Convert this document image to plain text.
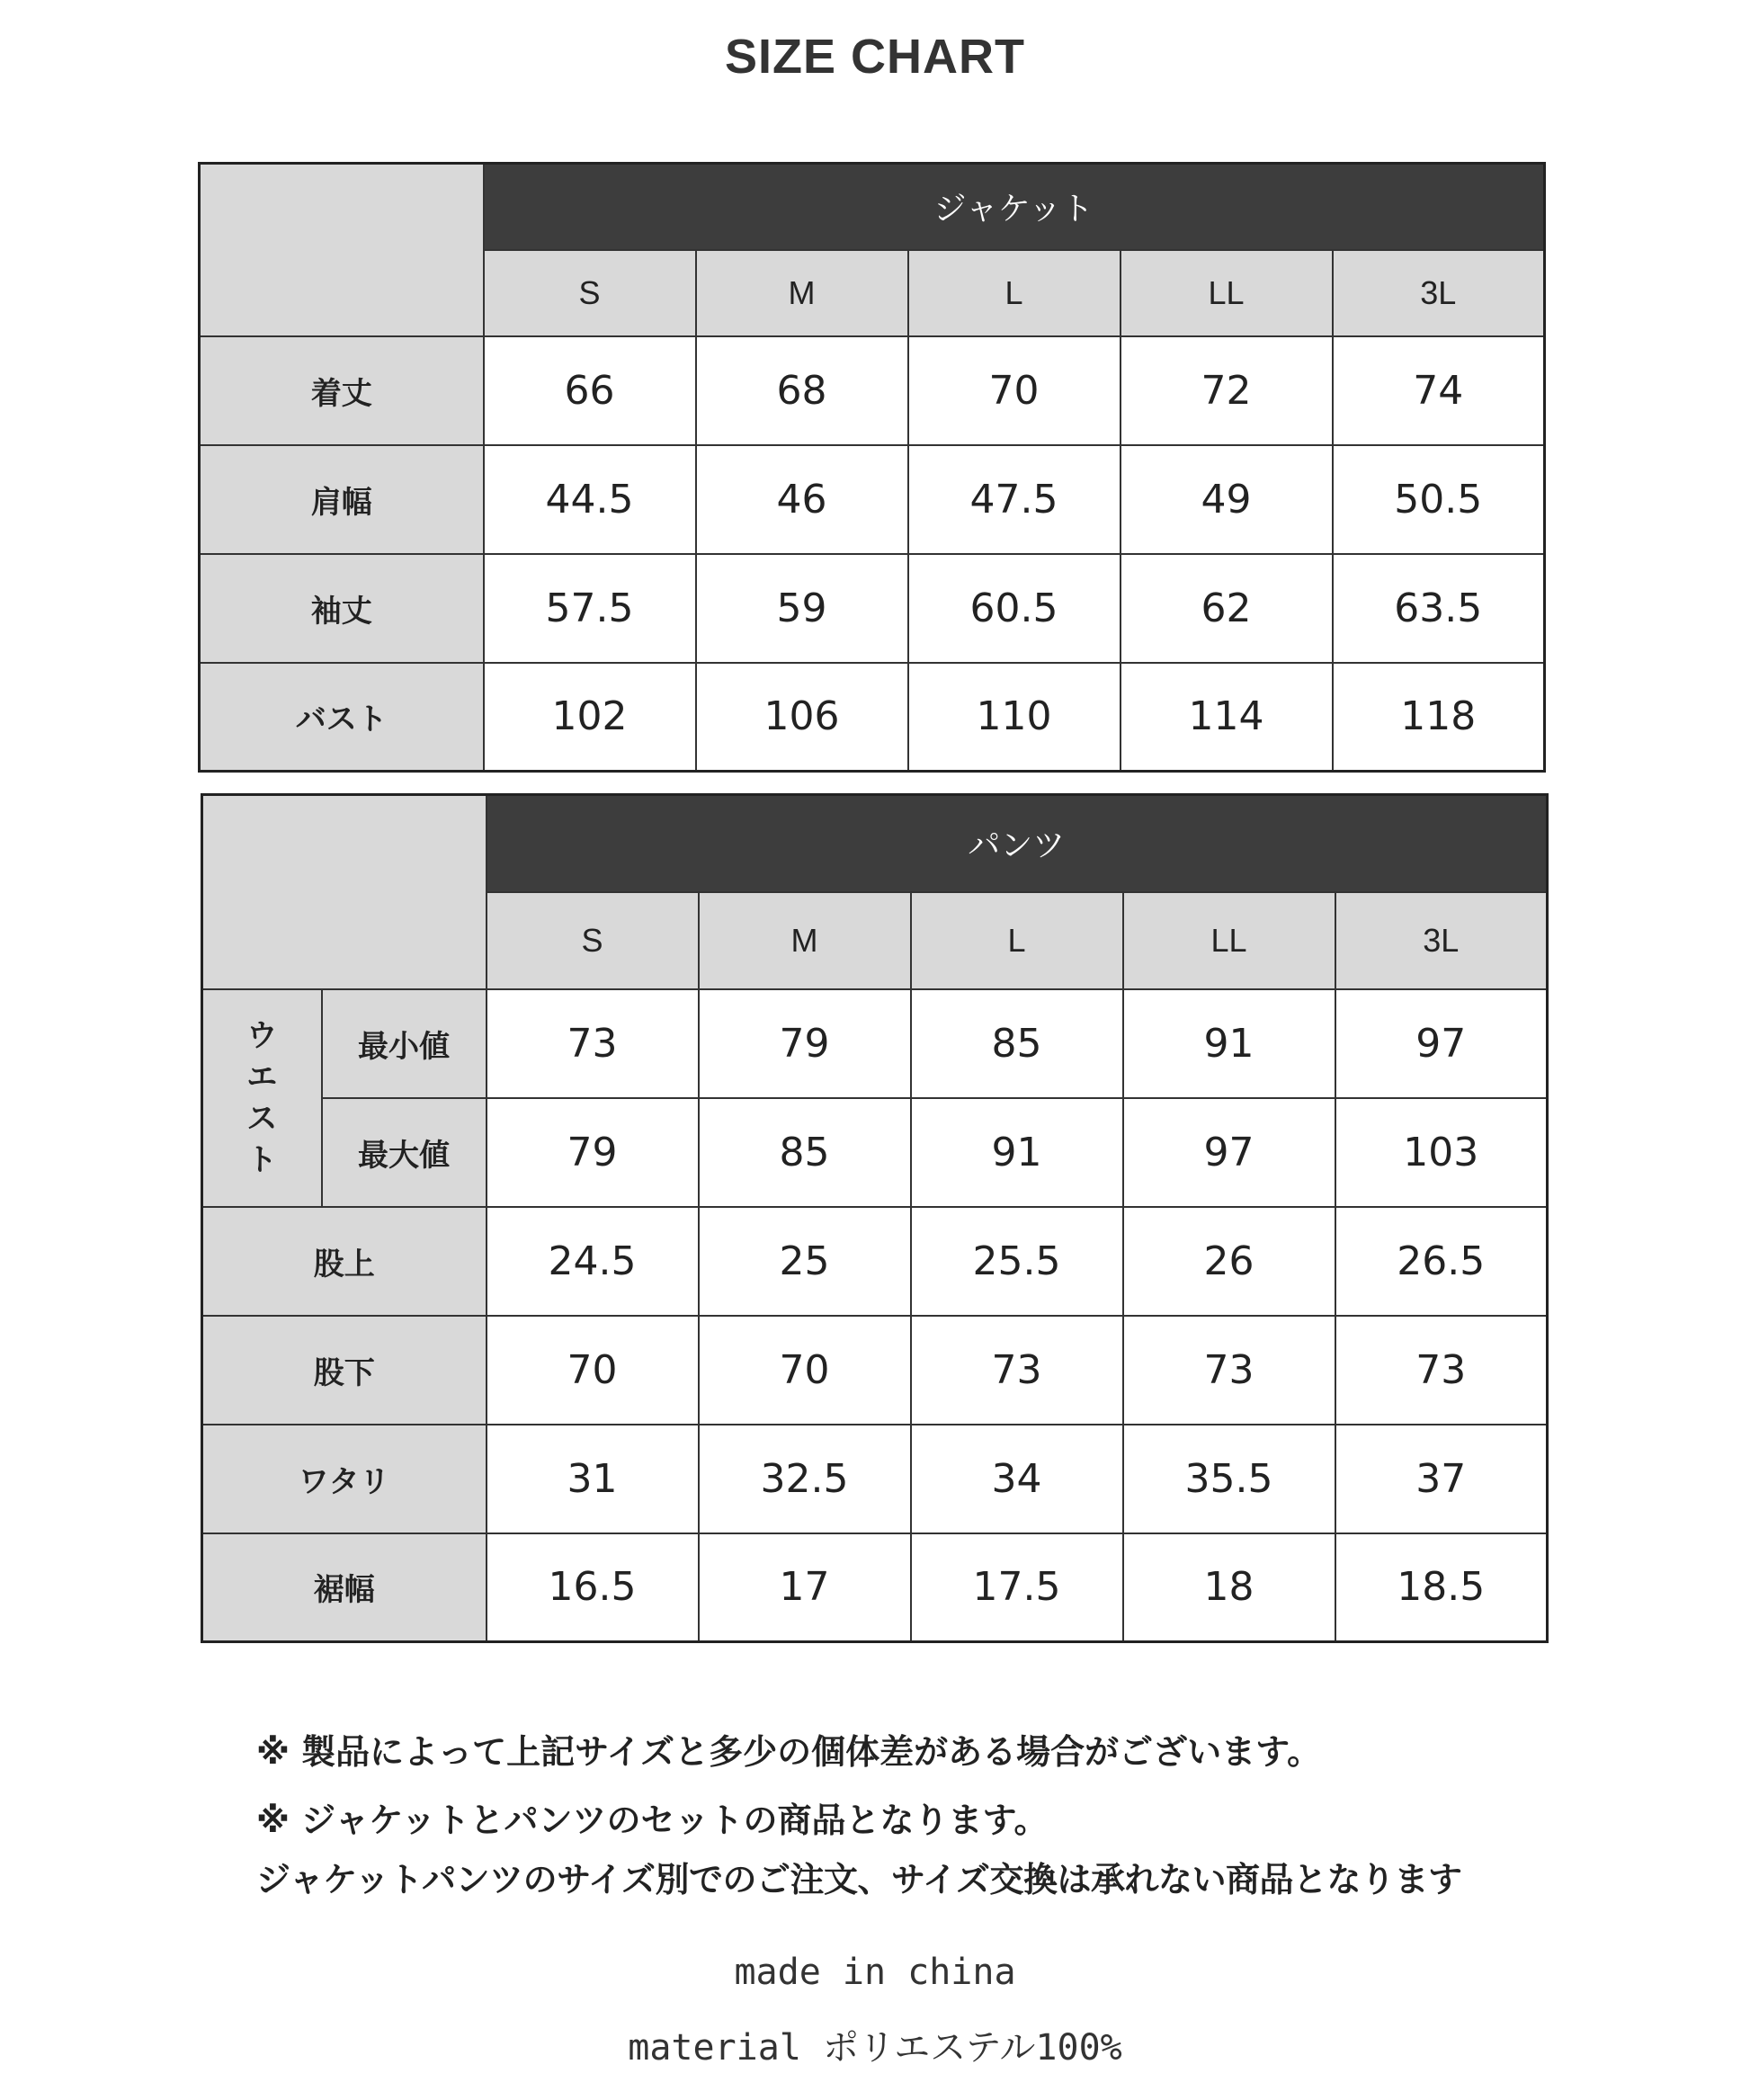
SIZE CHART
	ジャケット				
	S	M	L	LL	3L
着丈	66	68	70	72	74
肩幅	44.5	46	47.5	49	50.5
袖丈	57.5	59	60.5	62	63.5
バスト	102	106	110	114	118
		パンツ				
		S	M	L	LL	3L

ウ
エ
ス
ト	最小値	73	79	85	91	97
	最大値	79	85	91	97	103
股上		24.5	25	25.5	26	26.5
股下		70	70	73	73	73
ワタリ		31	32.5	34	35.5	37
裾幅		16.5	17	17.5	18	18.5
※ 製品によって上記サイズと多少の個体差がある場合がございます。
※ ジャケットとパンツのセットの商品となります。
ジャケットパンツのサイズ別でのご注文、サイズ交換は承れない商品となります
made in china
material ポリエステル100%
